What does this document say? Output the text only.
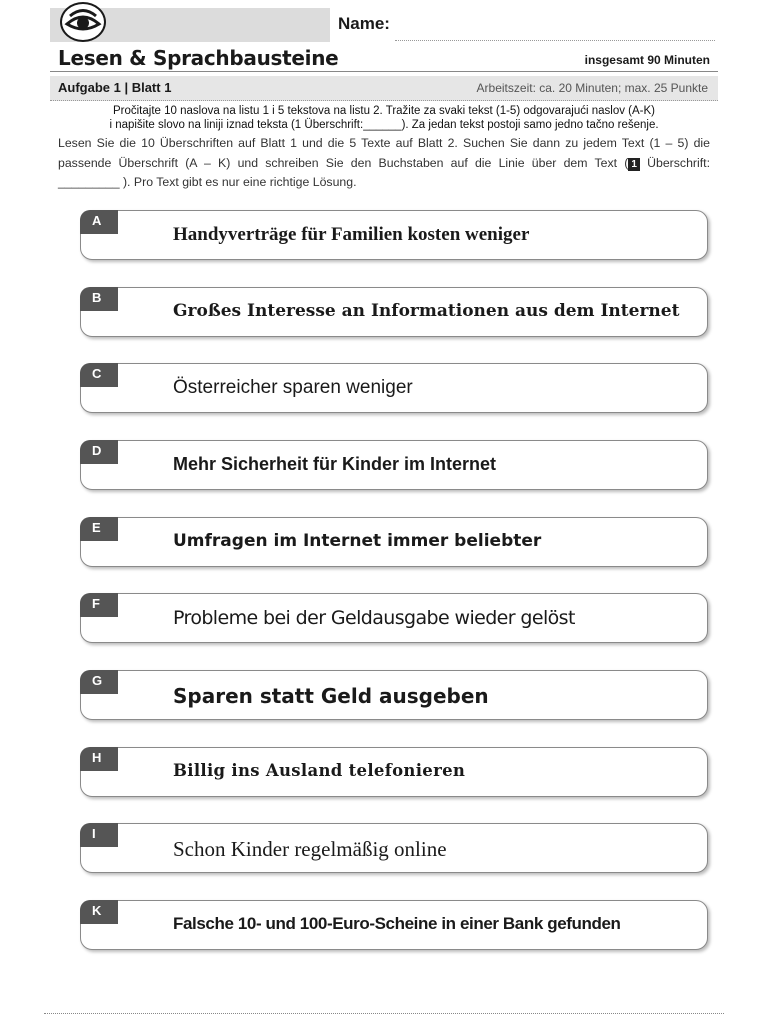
Name:
Lesen & Sprachbausteine	insgesamt 90 Minuten
Aufgabe 1 | Blatt 1	Arbeitszeit: ca. 20 Minuten; max. 25 Punkte
Pročitajte 10 naslova na listu 1 i 5 tekstova na listu 2. Tražite za svaki tekst (1-5) odgovarajući naslov (A-K)
i napišite slovo na liniji iznad teksta (1 Überschrift:______). Za jedan tekst postoji samo jedno tačno rešenje.
Lesen Sie die 10 Überschriften auf Blatt 1 und die 5 Texte auf Blatt 2. Suchen Sie dann zu jedem Text (1 – 5) die passende Überschrift (A – K) und schreiben Sie den Buchstaben auf die Linie über dem Text ( 1 Überschrift: _________ ). Pro Text gibt es nur eine richtige Lösung.
A
Handyverträge für Familien kosten weniger
B
Großes Interesse an Informationen aus dem Internet
C
Österreicher sparen weniger
D
Mehr Sicherheit für Kinder im Internet
E
Umfragen im Internet immer beliebter
F
Probleme bei der Geldausgabe wieder gelöst
G
Sparen statt Geld ausgeben
H
Billig ins Ausland telefonieren
I
Schon Kinder regelmäßig online
K
Falsche 10- und 100-Euro-Scheine in einer Bank gefunden
